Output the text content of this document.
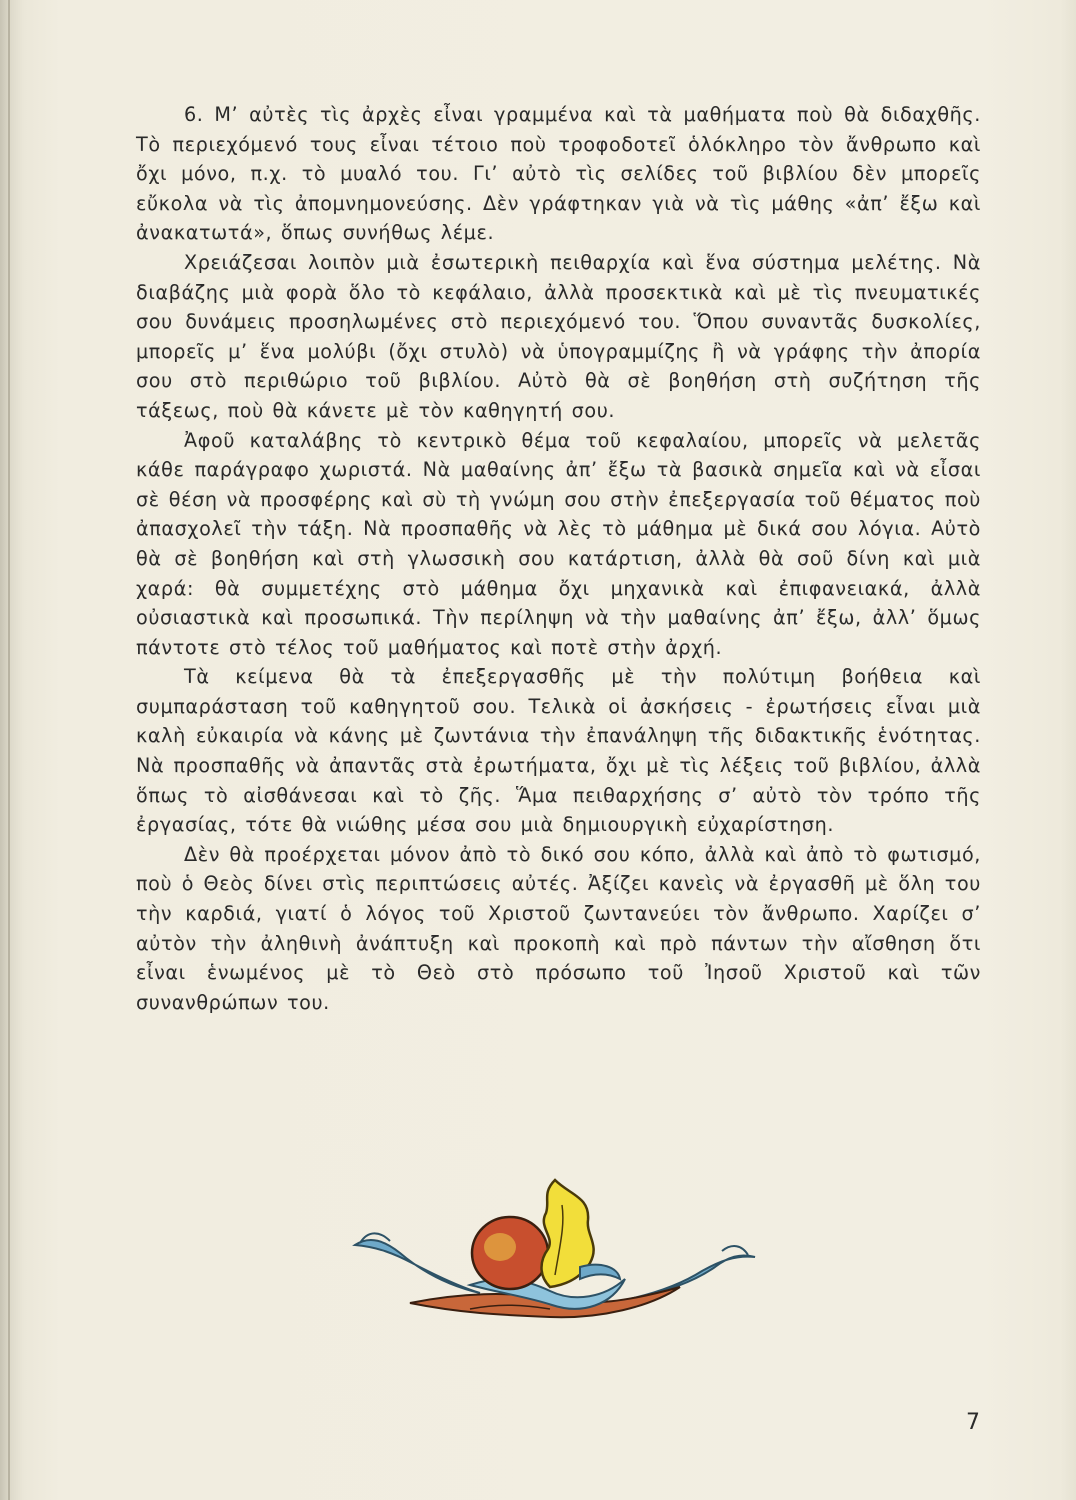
6. Μ’ αὐτὲς τὶς ἀρχὲς εἶναι γραμμένα καὶ τὰ μαθήματα ποὺ θὰ διδαχθῆς. Τὸ περιεχόμενό τους εἶναι τέτοιο ποὺ τροφοδοτεῖ ὁλόκληρο τὸν ἄνθρωπο καὶ ὄχι μόνο, π.χ. τὸ μυαλό του. Γι’ αὐτὸ τὶς σελίδες τοῦ βιβλίου δὲν μπορεῖς εὔκολα νὰ τὶς ἀπομνημονεύσης. Δὲν γράφτηκαν γιὰ νὰ τὶς μάθης «ἀπ’ ἔξω καὶ ἀνακατωτά», ὅπως συνήθως λέμε.

Χρειάζεσαι λοιπὸν μιὰ ἐσωτερικὴ πειθαρχία καὶ ἕνα σύστημα μελέτης. Νὰ διαβάζης μιὰ φορὰ ὅλο τὸ κεφάλαιο, ἀλλὰ προσεκτικὰ καὶ μὲ τὶς πνευματικές σου δυνάμεις προσηλωμένες στὸ περιεχόμενό του. Ὅπου συναντᾶς δυσκολίες, μπορεῖς μ’ ἕνα μολύβι (ὄχι στυλὸ) νὰ ὑπογραμμίζης ἢ νὰ γράφης τὴν ἀπορία σου στὸ περιθώριο τοῦ βιβλίου. Αὐτὸ θὰ σὲ βοηθήση στὴ συζήτηση τῆς τάξεως, ποὺ θὰ κάνετε μὲ τὸν καθηγητή σου.

Ἀφοῦ καταλάβης τὸ κεντρικὸ θέμα τοῦ κεφαλαίου, μπορεῖς νὰ μελετᾶς κάθε παράγραφο χωριστά. Νὰ μαθαίνης ἀπ’ ἔξω τὰ βασικὰ σημεῖα καὶ νὰ εἶσαι σὲ θέση νὰ προσφέρης καὶ σὺ τὴ γνώμη σου στὴν ἐπεξεργασία τοῦ θέματος ποὺ ἀπασχολεῖ τὴν τάξη. Νὰ προσπαθῆς νὰ λὲς τὸ μάθημα μὲ δικά σου λόγια. Αὐτὸ θὰ σὲ βοηθήση καὶ στὴ γλωσσικὴ σου κατάρτιση, ἀλλὰ θὰ σοῦ δίνη καὶ μιὰ χαρά: θὰ συμμετέχης στὸ μάθημα ὄχι μηχανικὰ καὶ ἐπιφανειακά, ἀλλὰ οὐσιαστικὰ καὶ προσωπικά. Τὴν περίληψη νὰ τὴν μαθαίνης ἀπ’ ἔξω, ἀλλ’ ὅμως πάντοτε στὸ τέλος τοῦ μαθήματος καὶ ποτὲ στὴν ἀρχή.

Τὰ κείμενα θὰ τὰ ἐπεξεργασθῆς μὲ τὴν πολύτιμη βοήθεια καὶ συμπαράσταση τοῦ καθηγητοῦ σου. Τελικὰ οἱ ἀσκήσεις - ἐρωτήσεις εἶναι μιὰ καλὴ εὐκαιρία νὰ κάνης μὲ ζωντάνια τὴν ἐπανάληψη τῆς διδακτικῆς ἑνότητας. Νὰ προσπαθῆς νὰ ἀπαντᾶς στὰ ἐρωτήματα, ὄχι μὲ τὶς λέξεις τοῦ βιβλίου, ἀλλὰ ὅπως τὸ αἰσθάνεσαι καὶ τὸ ζῆς. Ἅμα πειθαρχήσης σ’ αὐτὸ τὸν τρόπο τῆς ἐργασίας, τότε θὰ νιώθης μέσα σου μιὰ δημιουργικὴ εὐχαρίστηση.

Δὲν θὰ προέρχεται μόνον ἀπὸ τὸ δικό σου κόπο, ἀλλὰ καὶ ἀπὸ τὸ φωτισμό, ποὺ ὁ Θεὸς δίνει στὶς περιπτώσεις αὐτές. Ἀξίζει κανεὶς νὰ ἐργασθῆ μὲ ὅλη του τὴν καρδιά, γιατί ὁ λόγος τοῦ Χριστοῦ ζωντανεύει τὸν ἄνθρωπο. Χαρίζει σ’ αὐτὸν τὴν ἀληθινὴ ἀνάπτυξη καὶ προκοπὴ καὶ πρὸ πάντων τὴν αἴσθηση ὅτι εἶναι ἑνωμένος μὲ τὸ Θεὸ στὸ πρόσωπο τοῦ Ἰησοῦ Χριστοῦ καὶ τῶν συνανθρώπων του.

7
